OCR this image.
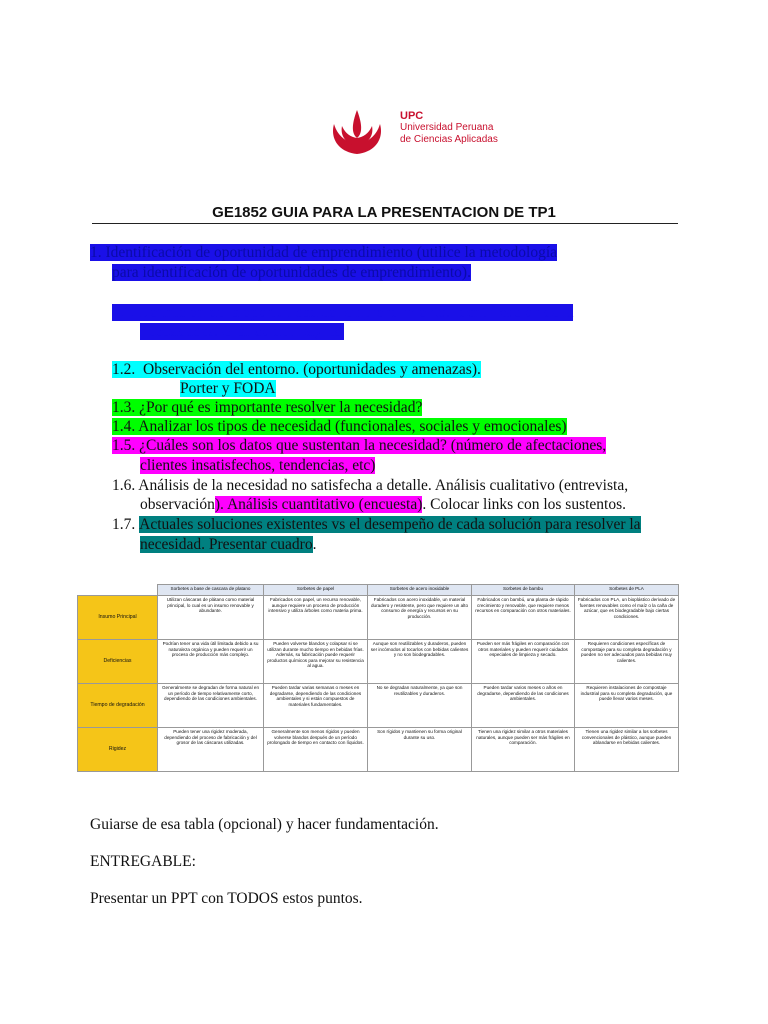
UPC
Universidad Peruana
de Ciencias Aplicadas
GE1852 GUIA PARA LA PRESENTACION DE TP1
1. Identificación de oportunidad de emprendimiento (utilice la metodología
para identificación de oportunidades de emprendimiento).
1.1. Definición de la oportunidad del emprendimiento. Identificación de la
necesidades. Gráfico de Insights.
1.2. Observación del entorno. (oportunidades y amenazas).
Porter y FODA
1.3. ¿Por qué es importante resolver la necesidad?
1.4. Analizar los tipos de necesidad (funcionales, sociales y emocionales)
1.5. ¿Cuáles son los datos que sustentan la necesidad? (número de afectaciones,
clientes insatisfechos, tendencias, etc)
1.6. Análisis de la necesidad no satisfecha a detalle. Análisis cualitativo (entrevista,
observación). Análisis cuantitativo (encuesta). Colocar links con los sustentos.
1.7. Actuales soluciones existentes vs el desempeño de cada solución para resolver la
necesidad. Presentar cuadro.
	Sorbetes a base de cascara de platano	Sorbetes de papel	Sorbetes de acero inoxidable	Sorbetes de bambu	Sorbetes de PLA
Insumo Principal	Utilizan cáscaras de plátano como material principal, lo cual es un insumo renovable y abundante.	Fabricados con papel, un recurso renovable, aunque requiere un proceso de producción intensivo y utiliza árboles como materia prima.	Fabricados con acero inoxidable, un material duradero y resistente, pero que requiere un alto consumo de energía y recursos en su producción.	Fabricados con bambú, una planta de rápido crecimiento y renovable, que requiere menos recursos en comparación con otros materiales.	Fabricados con PLA, un bioplástico derivado de fuentes renovables como el maíz o la caña de azúcar, que es biodegradable bajo ciertas condiciones.
Deficiencias	Podrían tener una vida útil limitada debido a su naturaleza orgánica y pueden requerir un proceso de producción más complejo.	Pueden volverse blandos y colapsar si se utilizan durante mucho tiempo en bebidas frías. Además, su fabricación puede requerir productos químicos para mejorar su resistencia al agua.	Aunque son reutilizables y duraderos, pueden ser incómodos al tocarlos con bebidas calientes y no son biodegradables.	Pueden ser más frágiles en comparación con otros materiales y pueden requerir cuidados especiales de limpieza y secado.	Requieren condiciones específicas de compostaje para su completa degradación y pueden no ser adecuados para bebidas muy calientes.
Tiempo de degradación	Generalmente se degradan de forma natural en un período de tiempo relativamente corto, dependiendo de las condiciones ambientales.	Pueden tardar varias semanas o meses en degradarse, dependiendo de las condiciones ambientales y si están compuestos de materiales fundamentales.	No se degradan naturalmente, ya que son reutilizables y duraderos.	Pueden tardar varios meses o años en degradarse, dependiendo de las condiciones ambientales.	Requieren instalaciones de compostaje industrial para su completa degradación, que puede llevar varios meses.
Rigidez	Pueden tener una rigidez moderada, dependiendo del proceso de fabricación y del grosor de las cáscaras utilizadas.	Generalmente son menos rígidos y pueden volverse blandos después de un período prolongado de tiempo en contacto con líquidos.	Son rígidos y mantienen su forma original durante su uso.	Tienen una rigidez similar a otros materiales naturales, aunque pueden ser más frágiles en comparación.	Tienen una rigidez similar a los sorbetes convencionales de plástico, aunque pueden ablandarse en bebidas calientes.
Guiarse de esa tabla (opcional) y hacer fundamentación.
ENTREGABLE:
Presentar un PPT con TODOS estos puntos.
